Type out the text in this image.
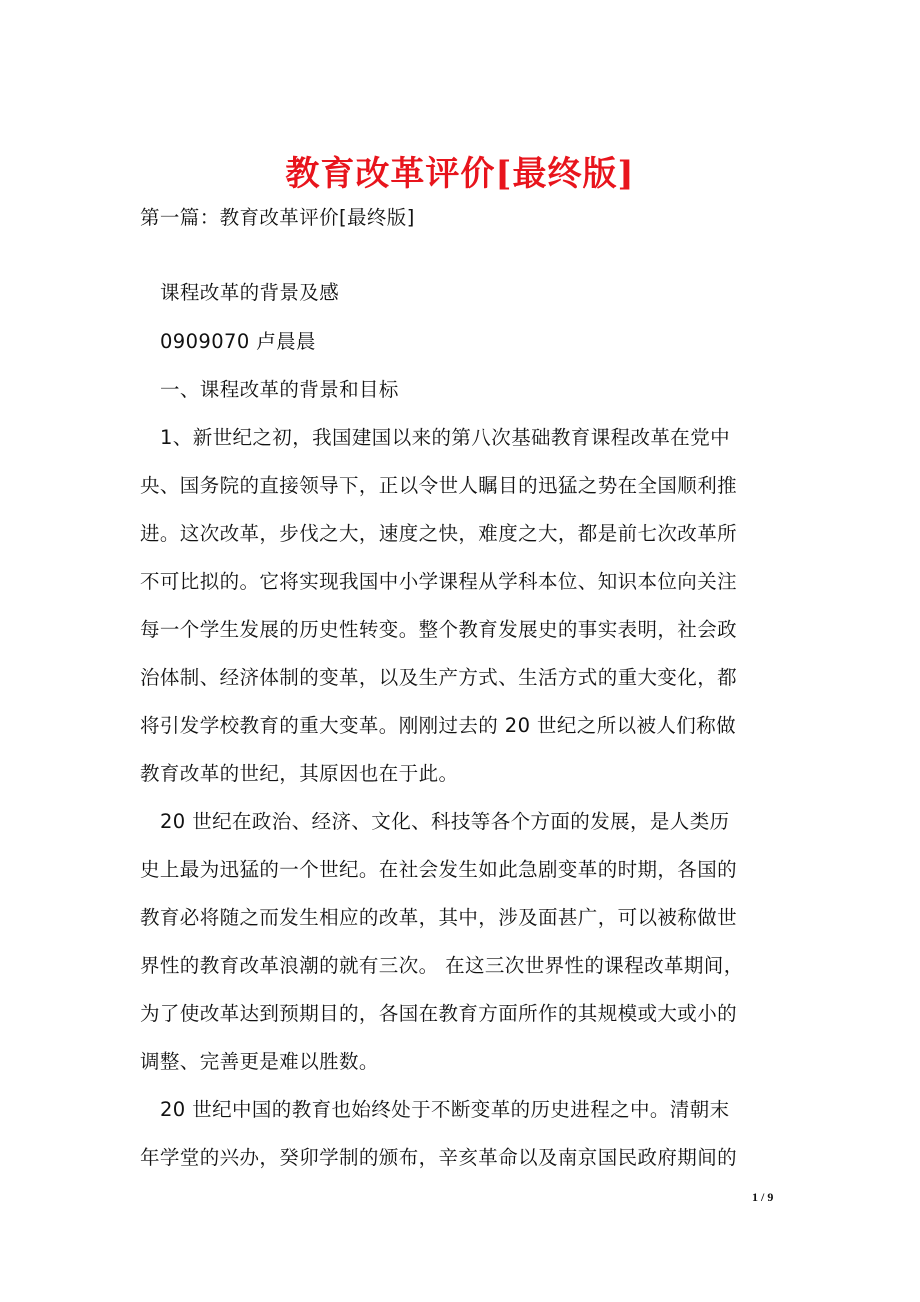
教育改革评价[最终版]
第一篇：教育改革评价[最终版]
课程改革的背景及感
0909070 卢晨晨
一、课程改革的背景和目标
1、新世纪之初，我国建国以来的第八次基础教育课程改革在党中
央、国务院的直接领导下，正以令世人瞩目的迅猛之势在全国顺利推
进。这次改革，步伐之大，速度之快，难度之大，都是前七次改革所
不可比拟的。它将实现我国中小学课程从学科本位、知识本位向关注
每一个学生发展的历史性转变。整个教育发展史的事实表明，社会政
治体制、经济体制的变革，以及生产方式、生活方式的重大变化，都
将引发学校教育的重大变革。刚刚过去的 20 世纪之所以被人们称做
教育改革的世纪，其原因也在于此。
20 世纪在政治、经济、文化、科技等各个方面的发展，是人类历
史上最为迅猛的一个世纪。在社会发生如此急剧变革的时期，各国的
教育必将随之而发生相应的改革，其中，涉及面甚广，可以被称做世
界性的教育改革浪潮的就有三次。 在这三次世界性的课程改革期间，
为了使改革达到预期目的，各国在教育方面所作的其规模或大或小的
调整、完善更是难以胜数。
20 世纪中国的教育也始终处于不断变革的历史进程之中。清朝末
年学堂的兴办，癸卯学制的颁布，辛亥革命以及南京国民政府期间的
1 / 9
